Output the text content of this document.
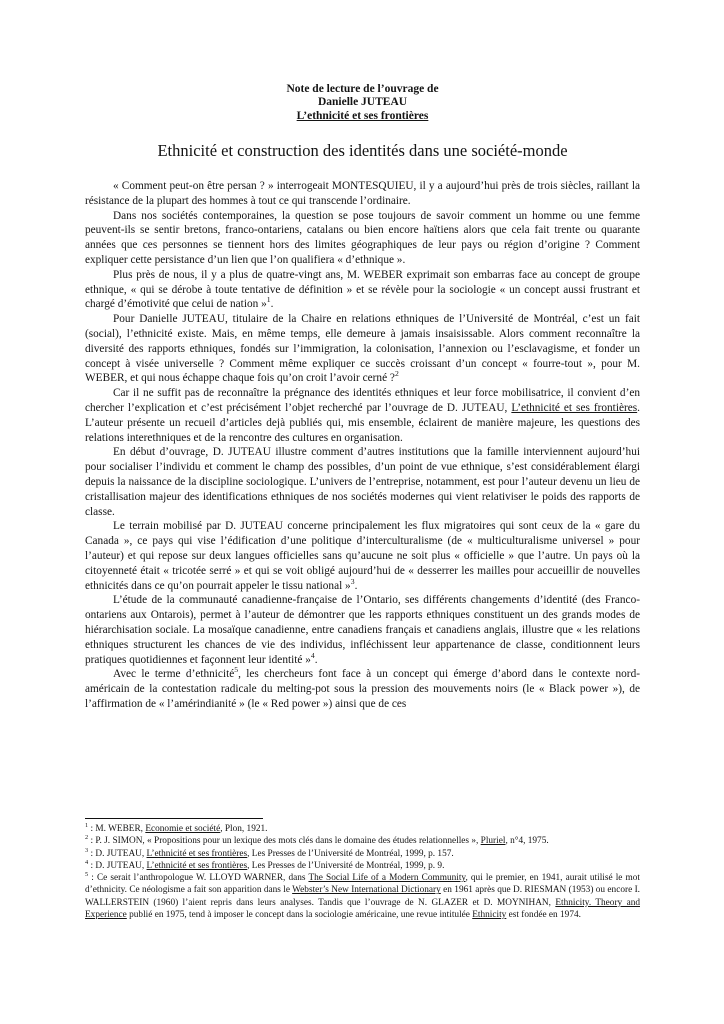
Note de lecture de l’ouvrage de
Danielle JUTEAU
L’ethnicité et ses frontières
Ethnicité et construction des identités dans une société-monde

« Comment peut-on être persan ? » interrogeait MONTESQUIEU, il y a aujourd’hui près de trois siècles, raillant la résistance de la plupart des hommes à tout ce qui transcende l’ordinaire.

Dans nos sociétés contemporaines, la question se pose toujours de savoir comment un homme ou une femme peuvent-ils se sentir bretons, franco-ontariens, catalans ou bien encore haïtiens alors que cela fait trente ou quarante années que ces personnes se tiennent hors des limites géographiques de leur pays ou région d’origine ? Comment expliquer cette persistance d’un lien que l’on qualifiera « d’ethnique ».

Plus près de nous, il y a plus de quatre-vingt ans, M. WEBER exprimait son embarras face au concept de groupe ethnique, « qui se dérobe à toute tentative de définition » et se révèle pour la sociologie « un concept aussi frustrant et chargé d’émotivité que celui de nation »$^1$.

Pour Danielle JUTEAU, titulaire de la Chaire en relations ethniques de l’Université de Montréal, c’est un fait (social), l’ethnicité existe. Mais, en même temps, elle demeure à jamais insaisissable. Alors comment reconnaître la diversité des rapports ethniques, fondés sur l’immigration, la colonisation, l’annexion ou l’esclavagisme, et fonder un concept à visée universelle ? Comment même expliquer ce succès croissant d’un concept « fourre-tout », pour M. WEBER, et qui nous échappe chaque fois qu’on croit l’avoir cerné ?$^2$

Car il ne suffit pas de reconnaître la prégnance des identités ethniques et leur force mobilisatrice, il convient d’en chercher l’explication et c’est précisément l’objet recherché par l’ouvrage de D. JUTEAU, L’ethnicité et ses frontières. L’auteur présente un recueil d’articles dejà publiés qui, mis ensemble, éclairent de manière majeure, les questions des relations interethniques et de la rencontre des cultures en organisation.

En début d’ouvrage, D. JUTEAU illustre comment d’autres institutions que la famille interviennent aujourd’hui pour socialiser l’individu et comment le champ des possibles, d’un point de vue ethnique, s’est considérablement élargi depuis la naissance de la discipline sociologique. L’univers de l’entreprise, notamment, est pour l’auteur devenu un lieu de cristallisation majeur des identifications ethniques de nos sociétés modernes qui vient relativiser le poids des rapports de classe.

Le terrain mobilisé par D. JUTEAU concerne principalement les flux migratoires qui sont ceux de la « gare du Canada », ce pays qui vise l’édification d’une politique d’interculturalisme (de « multiculturalisme universel » pour l’auteur) et qui repose sur deux langues officielles sans qu’aucune ne soit plus « officielle » que l’autre. Un pays où la citoyenneté était « tricotée serré » et qui se voit obligé aujourd’hui de « desserrer les mailles pour accueillir de nouvelles ethnicités dans ce qu’on pourrait appeler le tissu national »$^3$.

L’étude de la communauté canadienne-française de l’Ontario, ses différents changements d’identité (des Franco-ontariens aux Ontarois), permet à l’auteur de démontrer que les rapports ethniques constituent un des grands modes de hiérarchisation sociale. La mosaïque canadienne, entre canadiens français et canadiens anglais, illustre que « les relations ethniques structurent les chances de vie des individus, infléchissent leur appartenance de classe, conditionnent leurs pratiques quotidiennes et façonnent leur identité »$^4$.

Avec le terme d’ethnicité$^5$, les chercheurs font face à un concept qui émerge d’abord dans le contexte nord-américain de la contestation radicale du melting-pot sous la pression des mouvements noirs (le « Black power »), de l’affirmation de « l’amérindianité » (le « Red power ») ainsi que de ces

$^1$ : M. WEBER, Economie et société, Plon, 1921.

$^2$ : P. J. SIMON, « Propositions pour un lexique des mots clés dans le domaine des études relationnelles », Pluriel, n°4, 1975.

$^3$ : D. JUTEAU, L’ethnicité et ses frontières, Les Presses de l’Université de Montréal, 1999, p. 157.

$^4$ : D. JUTEAU, L’ethnicité et ses frontières, Les Presses de l’Université de Montréal, 1999, p. 9.

$^5$ : Ce serait l’anthropologue W. LLOYD WARNER, dans The Social Life of a Modern Community, qui le premier, en 1941, aurait utilisé le mot d’ethnicity. Ce néologisme a fait son apparition dans le Webster’s New International Dictionary en 1961 après que D. RIESMAN (1953) ou encore I. WALLERSTEIN (1960) l’aient repris dans leurs analyses. Tandis que l’ouvrage de N. GLAZER et D. MOYNIHAN, Ethnicity. Theory and Experience publié en 1975, tend à imposer le concept dans la sociologie américaine, une revue intitulée Ethnicity est fondée en 1974.
